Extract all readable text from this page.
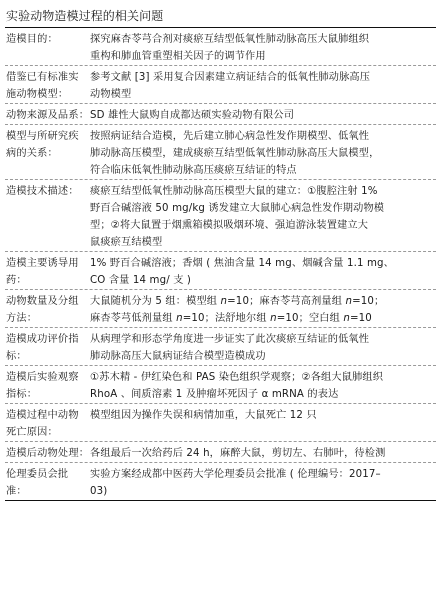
实验动物造模过程的相关问题
造模目的：	探究麻杏苓芎合剂对痰瘀互结型低氧性肺动脉高压大鼠肺组织
重构和肺血管重塑相关因子的调节作用
借鉴已有标准实
施动物模型：
参考文献 [3] 采用复合因素建立病证结合的低氧性肺动脉高压
动物模型
动物来源及品系： SD 雄性大鼠购自成都达硕实验动物有限公司
模型与所研究疾
病的关系：
按照病证结合造模，先后建立肺心病急性发作期模型、低氧性
肺动脉高压模型，建成痰瘀互结型低氧性肺动脉高压大鼠模型，
符合临床低氧性肺动脉高压痰瘀互结证的特点
造模技术描述：	痰瘀互结型低氧性肺动脉高压模型大鼠的建立：①腹腔注射 1%
野百合碱溶液 50 mg/kg 诱发建立大鼠肺心病急性发作期动物模
型；②将大鼠置于烟熏箱模拟吸烟环境、强迫游泳装置建立大
鼠痰瘀互结模型
造模主要诱导用
药：
1% 野百合碱溶液；香烟 ( 焦油含量 14 mg、烟碱含量 1.1 mg、
CO 含量 14 mg/ 支 )
动物数量及分组
方法：
大鼠随机分为 5 组：模型组 n=10；麻杏苓芎高剂量组 n=10；
麻杏苓芎低剂量组 n=10；法舒地尔组 n=10；空白组 n=10
造模成功评价指
标：
从病理学和形态学角度进一步证实了此次痰瘀互结证的低氧性
肺动脉高压大鼠病证结合模型造模成功
造模后实验观察
指标：
①苏木精 - 伊红染色和 PAS 染色组织学观察；②各组大鼠肺组织
RhoA 、间质溶素 1 及肿瘤坏死因子 α mRNA 的表达
造模过程中动物
死亡原因：
模型组因为操作失误和病情加重，大鼠死亡 12 只
造模后动物处理： 各组最后一次给药后 24 h，麻醉大鼠，剪切左、右肺叶，待检测
伦理委员会批
准：
实验方案经成都中医药大学伦理委员会批准 ( 伦理编号：2017–
03)
